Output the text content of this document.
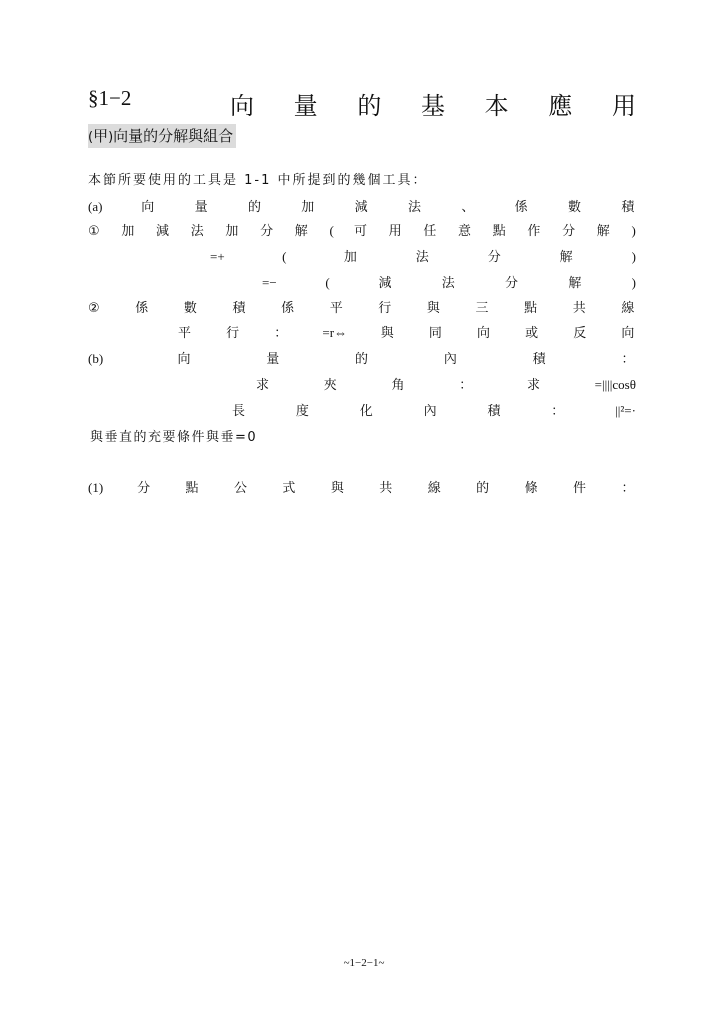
§1−2	向 量 的 基 本 應 用
(甲)向量的分解與組合
本節所要使用的工具是 1-1 中所提到的幾個工具：
(a)	向	量	的	加	減	法	、	係	數	積
① 加 減 法 加 分 解 ( 可 用 任 意 點 作 分 解 )
=+	(	加	法	分	解	)
=−	(	減	法	分	解	)
②	係	數	積	係	平	行	與	三	點	共	線
平	行	：	=r⇔	與	同	向	或	反	向
(b)	向	量	的	內	積	：
求	夾	角	：	求	=||||cosθ
長	度	化	內	積	：	||²=·
與垂直的充要條件與垂=0
(1)	分	點	公	式	與	共	線	的	條	件	：
~1−2−1~
